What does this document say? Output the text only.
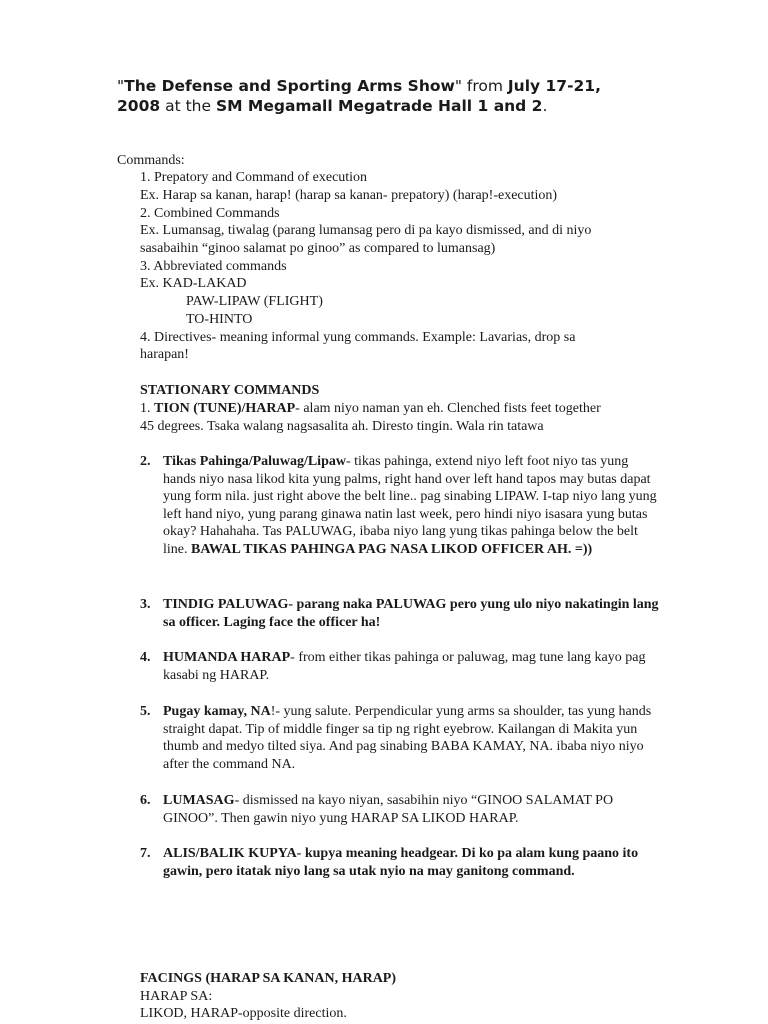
"The Defense and Sporting Arms Show" from July 17-21,
2008 at the SM Megamall Megatrade Hall 1 and 2.
Commands:
1. Prepatory and Command of execution
Ex. Harap sa kanan, harap! (harap sa kanan- prepatory) (harap!-execution)
2. Combined Commands
Ex. Lumansag, tiwalag (parang lumansag pero di pa kayo dismissed, and di niyo
sasabaihin “ginoo salamat po ginoo” as compared to lumansag)
3. Abbreviated commands
Ex. KAD-LAKAD
PAW-LIPAW (FLIGHT)
TO-HINTO
4. Directives- meaning informal yung commands. Example: Lavarias, drop sa
harapan!
STATIONARY COMMANDS
1. TION (TUNE)/HARAP- alam niyo naman yan eh. Clenched fists feet together
45 degrees. Tsaka walang nagsasalita ah. Diresto tingin. Wala rin tatawa
2. Tikas Pahinga/Paluwag/Lipaw- tikas pahinga, extend niyo left foot niyo tas yung hands niyo nasa likod kita yung palms, right hand over left hand tapos may butas dapat yung form nila. just right above the belt line.. pag sinabing LIPAW. I-tap niyo lang yung left hand niyo, yung parang ginawa natin last week, pero hindi niyo isasara yung butas okay? Hahahaha. Tas PALUWAG, ibaba niyo lang yung tikas pahinga below the belt line. BAWAL TIKAS PAHINGA PAG NASA LIKOD OFFICER AH. =))
3. TINDIG PALUWAG- parang naka PALUWAG pero yung ulo niyo nakatingin lang sa officer. Laging face the officer ha!
4. HUMANDA HARAP- from either tikas pahinga or paluwag, mag tune lang kayo pag kasabi ng HARAP.
5. Pugay kamay, NA!- yung salute. Perpendicular yung arms sa shoulder, tas yung hands straight dapat. Tip of middle finger sa tip ng right eyebrow. Kailangan di Makita yun thumb and medyo tilted siya. And pag sinabing BABA KAMAY, NA. ibaba niyo niyo after the command NA.
6. LUMASAG- dismissed na kayo niyan, sasabihin niyo “GINOO SALAMAT PO GINOO”. Then gawin niyo yung HARAP SA LIKOD HARAP.
7. ALIS/BALIK KUPYA- kupya meaning headgear. Di ko pa alam kung paano ito gawin, pero itatak niyo lang sa utak nyio na may ganitong command.
FACINGS (HARAP SA KANAN, HARAP)
HARAP SA:
LIKOD, HARAP-opposite direction.
